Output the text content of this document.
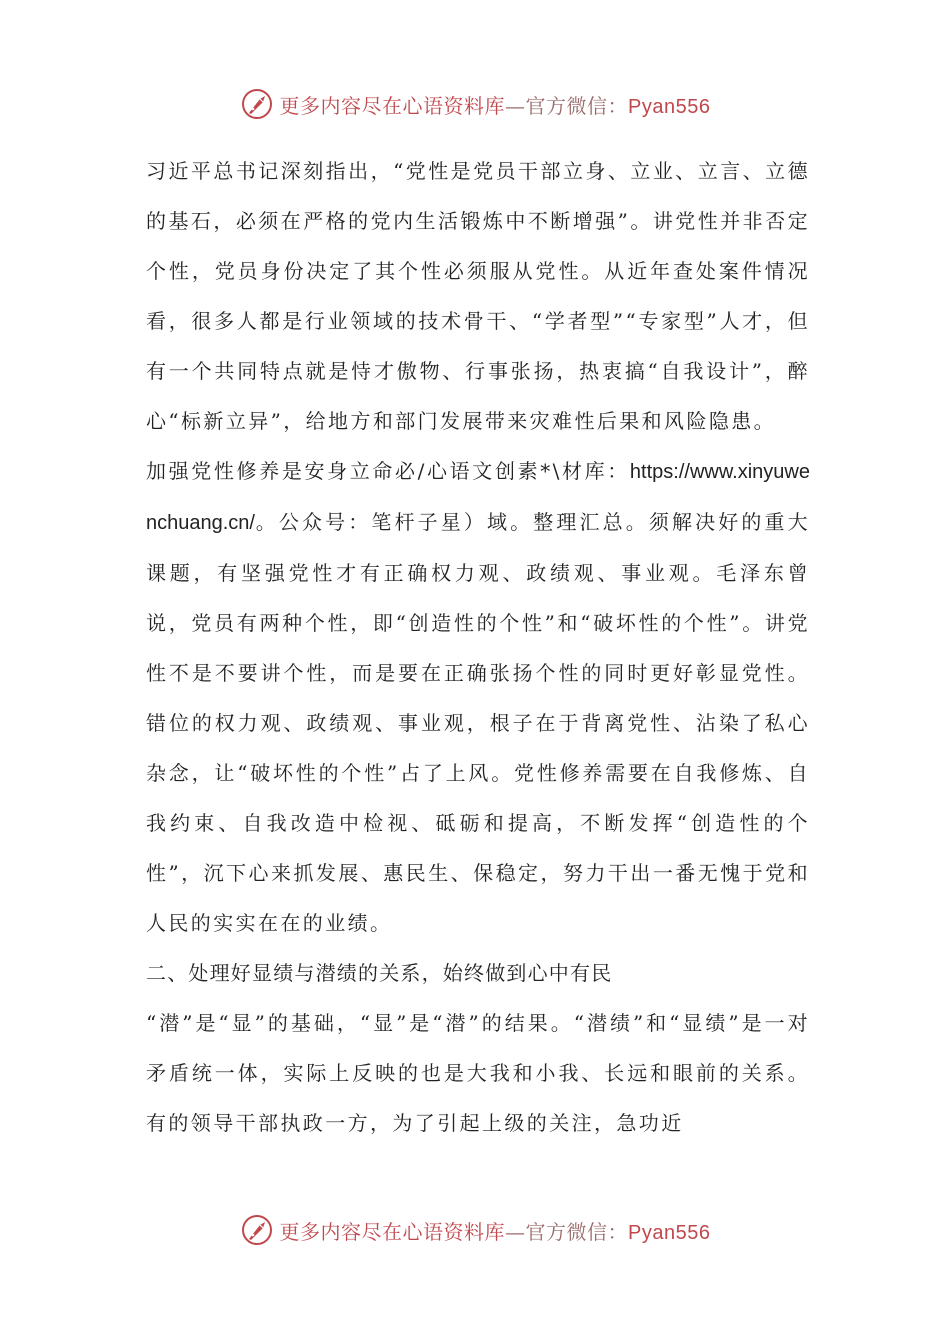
更多内容尽在心语资料库—官方微信：Pyan556

习近平总书记深刻指出，“党性是党员干部立身、立业、立言、立德的基石，必须在严格的党内生活锻炼中不断增强”。讲党性并非否定个性，党员身份决定了其个性必须服从党性。从近年查处案件情况看，很多人都是行业领域的技术骨干、“学者型”“专家型”人才，但有一个共同特点就是恃才傲物、行事张扬，热衷搞“自我设计”，醉心“标新立异”，给地方和部门发展带来灾难性后果和风险隐患。

加强党性修养是安身立命必/心语文创素*\材库：https://www.xinyuwenchuang.cn/。公众号：笔杆子星）域。整理汇总。须解决好的重大课题，有坚强党性才有正确权力观、政绩观、事业观。毛泽东曾说，党员有两种个性，即“创造性的个性”和“破坏性的个性”。讲党性不是不要讲个性，而是要在正确张扬个性的同时更好彰显党性。错位的权力观、政绩观、事业观，根子在于背离党性、沾染了私心杂念，让“破坏性的个性”占了上风。党性修养需要在自我修炼、自我约束、自我改造中检视、砥砺和提高，不断发挥“创造性的个性”，沉下心来抓发展、惠民生、保稳定，努力干出一番无愧于党和人民的实实在在的业绩。

二、处理好显绩与潜绩的关系，始终做到心中有民

“潜”是“显”的基础，“显”是“潜”的结果。“潜绩”和“显绩”是一对矛盾统一体，实际上反映的也是大我和小我、长远和眼前的关系。有的领导干部执政一方，为了引起上级的关注，急功近

更多内容尽在心语资料库—官方微信：Pyan556
